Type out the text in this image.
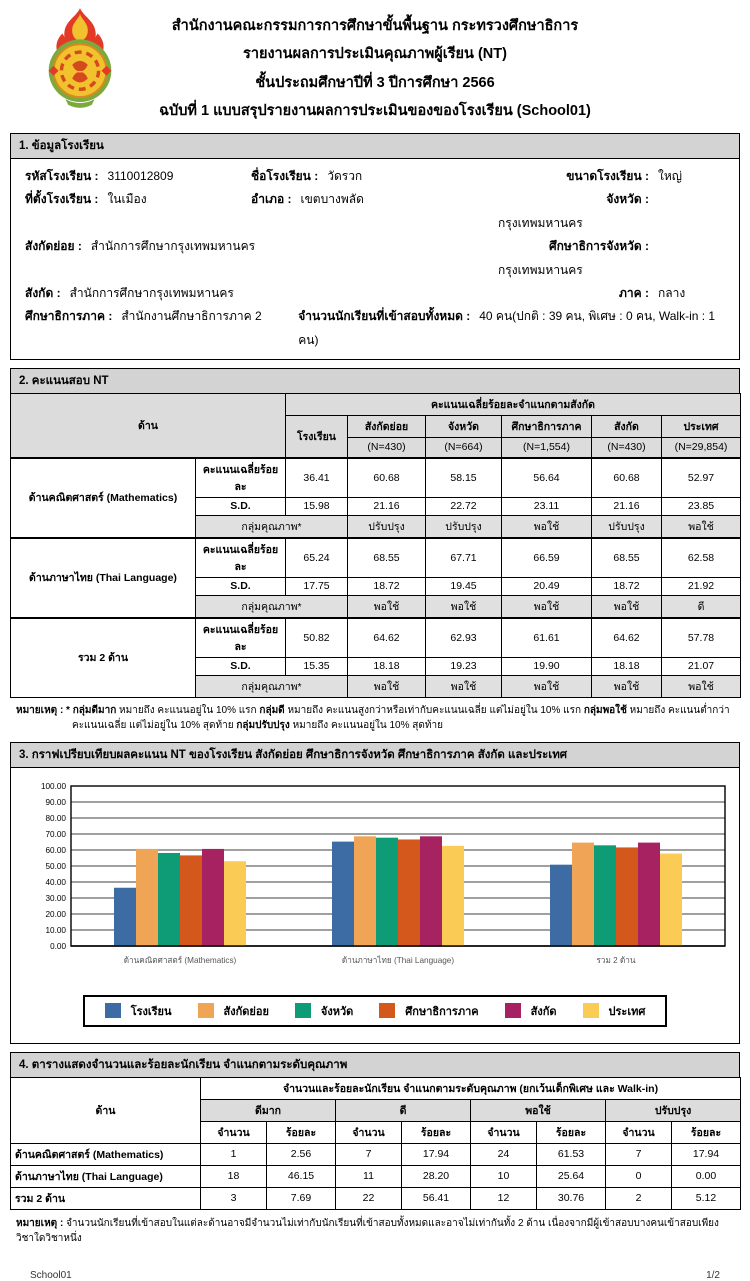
สำนักงานคณะกรรมการการศึกษาขั้นพื้นฐาน กระทรวงศึกษาธิการ
รายงานผลการประเมินคุณภาพผู้เรียน (NT)
ชั้นประถมศึกษาปีที่ 3 ปีการศึกษา 2566
ฉบับที่ 1 แบบสรุปรายงานผลการประเมินของของโรงเรียน (School01)
1. ข้อมูลโรงเรียน
รหัสโรงเรียน : 3110012809	ชื่อโรงเรียน : วัดรวก	ขนาดโรงเรียน : ใหญ่
ที่ตั้งโรงเรียน : ในเมือง	อำเภอ : เขตบางพลัด	จังหวัด :กรุงเทพมหานคร
สังกัดย่อย : สำนักการศึกษากรุงเทพมหานคร	ศึกษาธิการจังหวัด :กรุงเทพมหานคร
สังกัด : สำนักการศึกษากรุงเทพมหานคร	ภาค : กลาง
ศึกษาธิการภาค : สำนักงานศึกษาธิการภาค 2	จำนวนนักเรียนที่เข้าสอบทั้งหมด : 40 คน(ปกติ : 39 คน, พิเศษ : 0 คน, Walk-in : 1 คน)
2. คะแนนสอบ NT
ด้าน		คะแนนเฉลี่ยร้อยละจำแนกตามสังกัด					
		โรงเรียน	สังกัดย่อย	จังหวัด	ศึกษาธิการภาค	สังกัด	ประเทศ
			(N=430)	(N=664)	(N=1,554)	(N=430)	(N=29,854)
ด้านคณิตศาสตร์ (Mathematics)	คะแนนเฉลี่ยร้อยละ	36.41	60.68	58.15	56.64	60.68	52.97
	S.D.	15.98	21.16	22.72	23.11	21.16	23.85
	กลุ่มคุณภาพ*		ปรับปรุง	ปรับปรุง	พอใช้	ปรับปรุง	พอใช้
ด้านภาษาไทย (Thai Language)	คะแนนเฉลี่ยร้อยละ	65.24	68.55	67.71	66.59	68.55	62.58
	S.D.	17.75	18.72	19.45	20.49	18.72	21.92
	กลุ่มคุณภาพ*		พอใช้	พอใช้	พอใช้	พอใช้	ดี
รวม 2 ด้าน	คะแนนเฉลี่ยร้อยละ	50.82	64.62	62.93	61.61	64.62	57.78
	S.D.	15.35	18.18	19.23	19.90	18.18	21.07
	กลุ่มคุณภาพ*		พอใช้	พอใช้	พอใช้	พอใช้	พอใช้

หมายเหตุ : * กลุ่มดีมาก หมายถึง คะแนนอยู่ใน 10% แรก กลุ่มดี หมายถึง คะแนนสูงกว่าหรือเท่ากับคะแนนเฉลี่ย แต่ไม่อยู่ใน 10% แรก กลุ่มพอใช้ หมายถึง คะแนนต่ำกว่าคะแนนเฉลี่ย แต่ไม่อยู่ใน 10% สุดท้าย กลุ่มปรับปรุง หมายถึง คะแนนอยู่ใน 10% สุดท้าย

3. กราฟเปรียบเทียบผลคะแนน NT ของโรงเรียน สังกัดย่อย ศึกษาธิการจังหวัด ศึกษาธิการภาค สังกัด และประเทศ
0.00
10.00
20.00
30.00
40.00
50.00
60.00
70.00
80.00
90.00
100.00
ด้านคณิตศาสตร์ (Mathematics)	ด้านภาษาไทย (Thai Language)	รวม 2 ด้าน
โรงเรียน	สังกัดย่อย	จังหวัด	ศึกษาธิการภาค	สังกัด	ประเทศ
4. ตารางแสดงจำนวนและร้อยละนักเรียน จำแนกตามระดับคุณภาพ
ด้าน	จำนวนและร้อยละนักเรียน จำแนกตามระดับคุณภาพ (ยกเว้นเด็กพิเศษ และ Walk-in)							
	ดีมาก		ดี		พอใช้		ปรับปรุง	
	จำนวน	ร้อยละ	จำนวน	ร้อยละ	จำนวน	ร้อยละ	จำนวน	ร้อยละ
ด้านคณิตศาสตร์ (Mathematics)	1	2.56	7	17.94	24	61.53	7	17.94
ด้านภาษาไทย (Thai Language)	18	46.15	11	28.20	10	25.64	0	0.00
รวม 2 ด้าน	3	7.69	22	56.41	12	30.76	2	5.12

หมายเหตุ : จำนวนนักเรียนที่เข้าสอบในแต่ละด้านอาจมีจำนวนไม่เท่ากับนักเรียนที่เข้าสอบทั้งหมดและอาจไม่เท่ากันทั้ง 2 ด้าน เนื่องจากมีผู้เข้าสอบบางคนเข้าสอบเพียงวิชาใดวิชาหนึ่ง

School01	1/2
